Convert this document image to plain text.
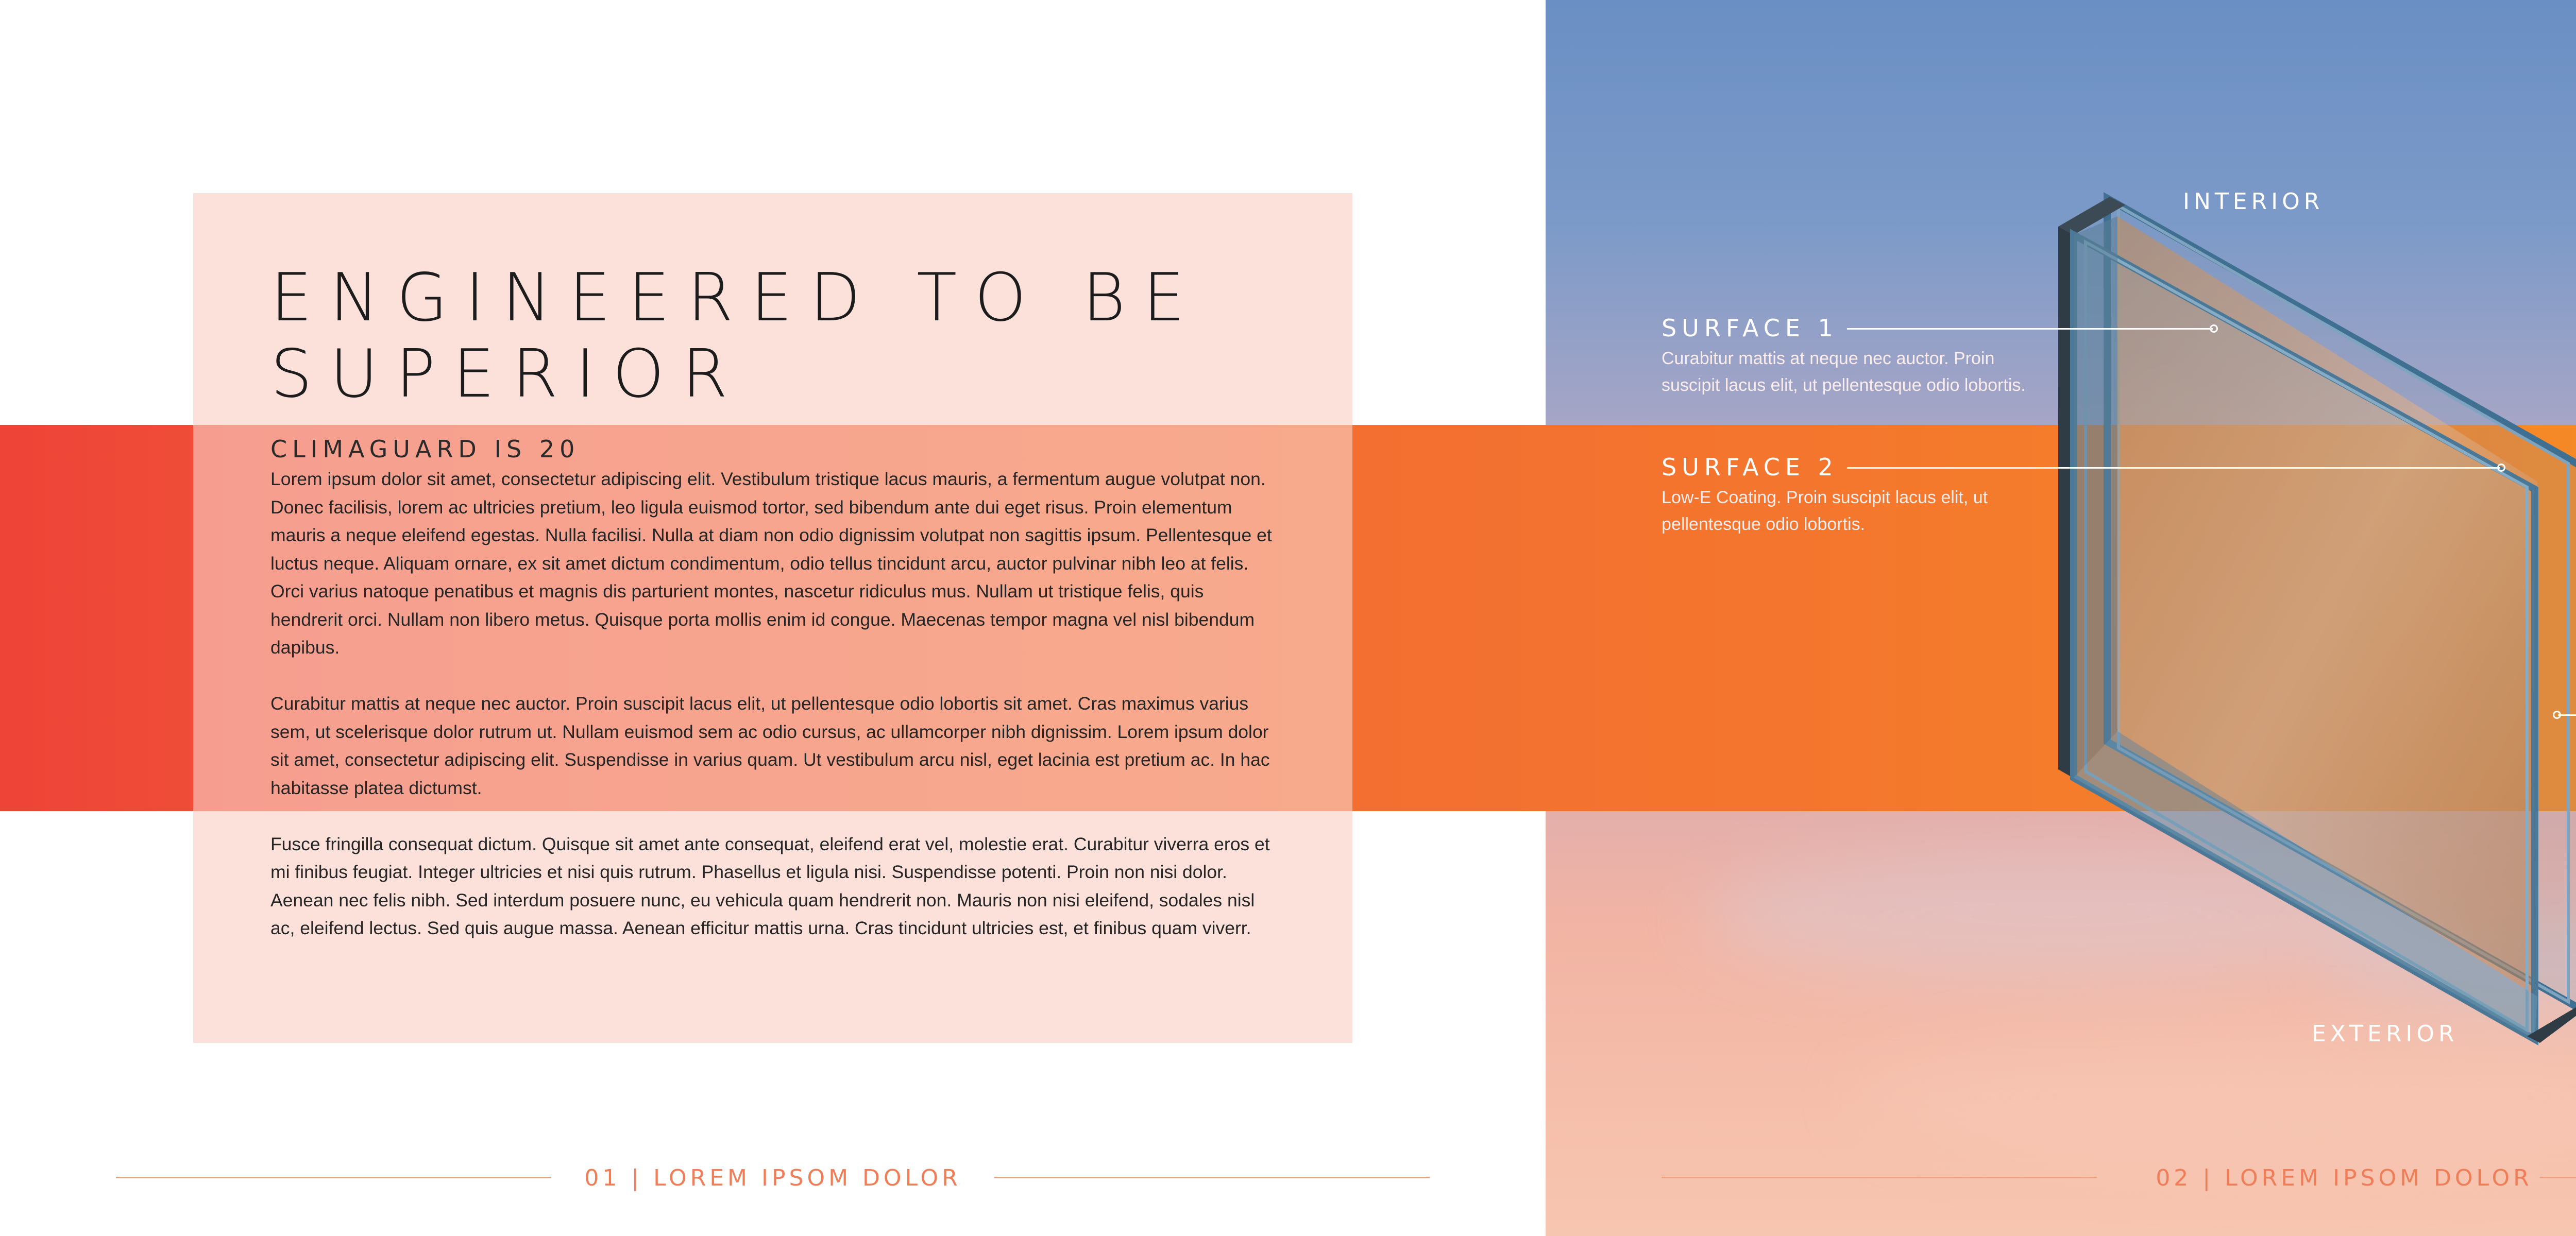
ENGINEERED TO BE SUPERIOR
CLIMAGUARD IS 20

Lorem ipsum dolor sit amet, consectetur adipiscing elit. Vestibulum tristique lacus mauris, a fermentum augue volutpat non. Donec facilisis, lorem ac ultricies pretium, leo ligula euismod tortor, sed bibendum ante dui eget risus. Proin elementum mauris a neque eleifend egestas. Nulla facilisi. Nulla at diam non odio dignissim volutpat non sagittis ipsum. Pellentesque et luctus neque. Aliquam ornare, ex sit amet dictum condimentum, odio tellus tincidunt arcu, auctor pulvinar nibh leo at felis. Orci varius natoque penatibus et magnis dis parturient montes, nascetur ridiculus mus. Nullam ut tristique felis, quis hendrerit orci. Nullam non libero metus. Quisque porta mollis enim id congue. Maecenas tempor magna vel nisl bibendum dapibus.

Curabitur mattis at neque nec auctor. Proin suscipit lacus elit, ut pellentesque odio lobortis sit amet. Cras maximus varius sem, ut scelerisque dolor rutrum ut. Nullam euismod sem ac odio cursus, ac ullamcorper nibh dignissim. Lorem ipsum dolor sit amet, consectetur adipiscing elit. Suspendisse in varius quam. Ut vestibulum arcu nisl, eget lacinia est pretium ac. In hac habitasse platea dictumst.

Fusce fringilla consequat dictum. Quisque sit amet ante consequat, eleifend erat vel, molestie erat. Curabitur viverra eros et mi finibus feugiat. Integer ultricies et nisi quis rutrum. Phasellus et ligula nisi. Suspendisse potenti. Proin non nisi dolor. Aenean nec felis nibh. Sed interdum posuere nunc, eu vehicula quam hendrerit non. Mauris non nisi eleifend, sodales nisl ac, eleifend lectus. Sed quis augue massa. Aenean efficitur mattis urna. Cras tincidunt ultricies est, et finibus quam viverr.

INTERIOR
EXTERIOR
SURFACE 1
Curabitur mattis at neque nec auctor. Proin suscipit lacus elit, ut pellentesque odio lobortis.
SURFACE 2
Low-E Coating. Proin suscipit lacus elit, ut pellentesque odio lobortis.
01 | LOREM IPSOM DOLOR	02 | LOREM IPSOM DOLOR
